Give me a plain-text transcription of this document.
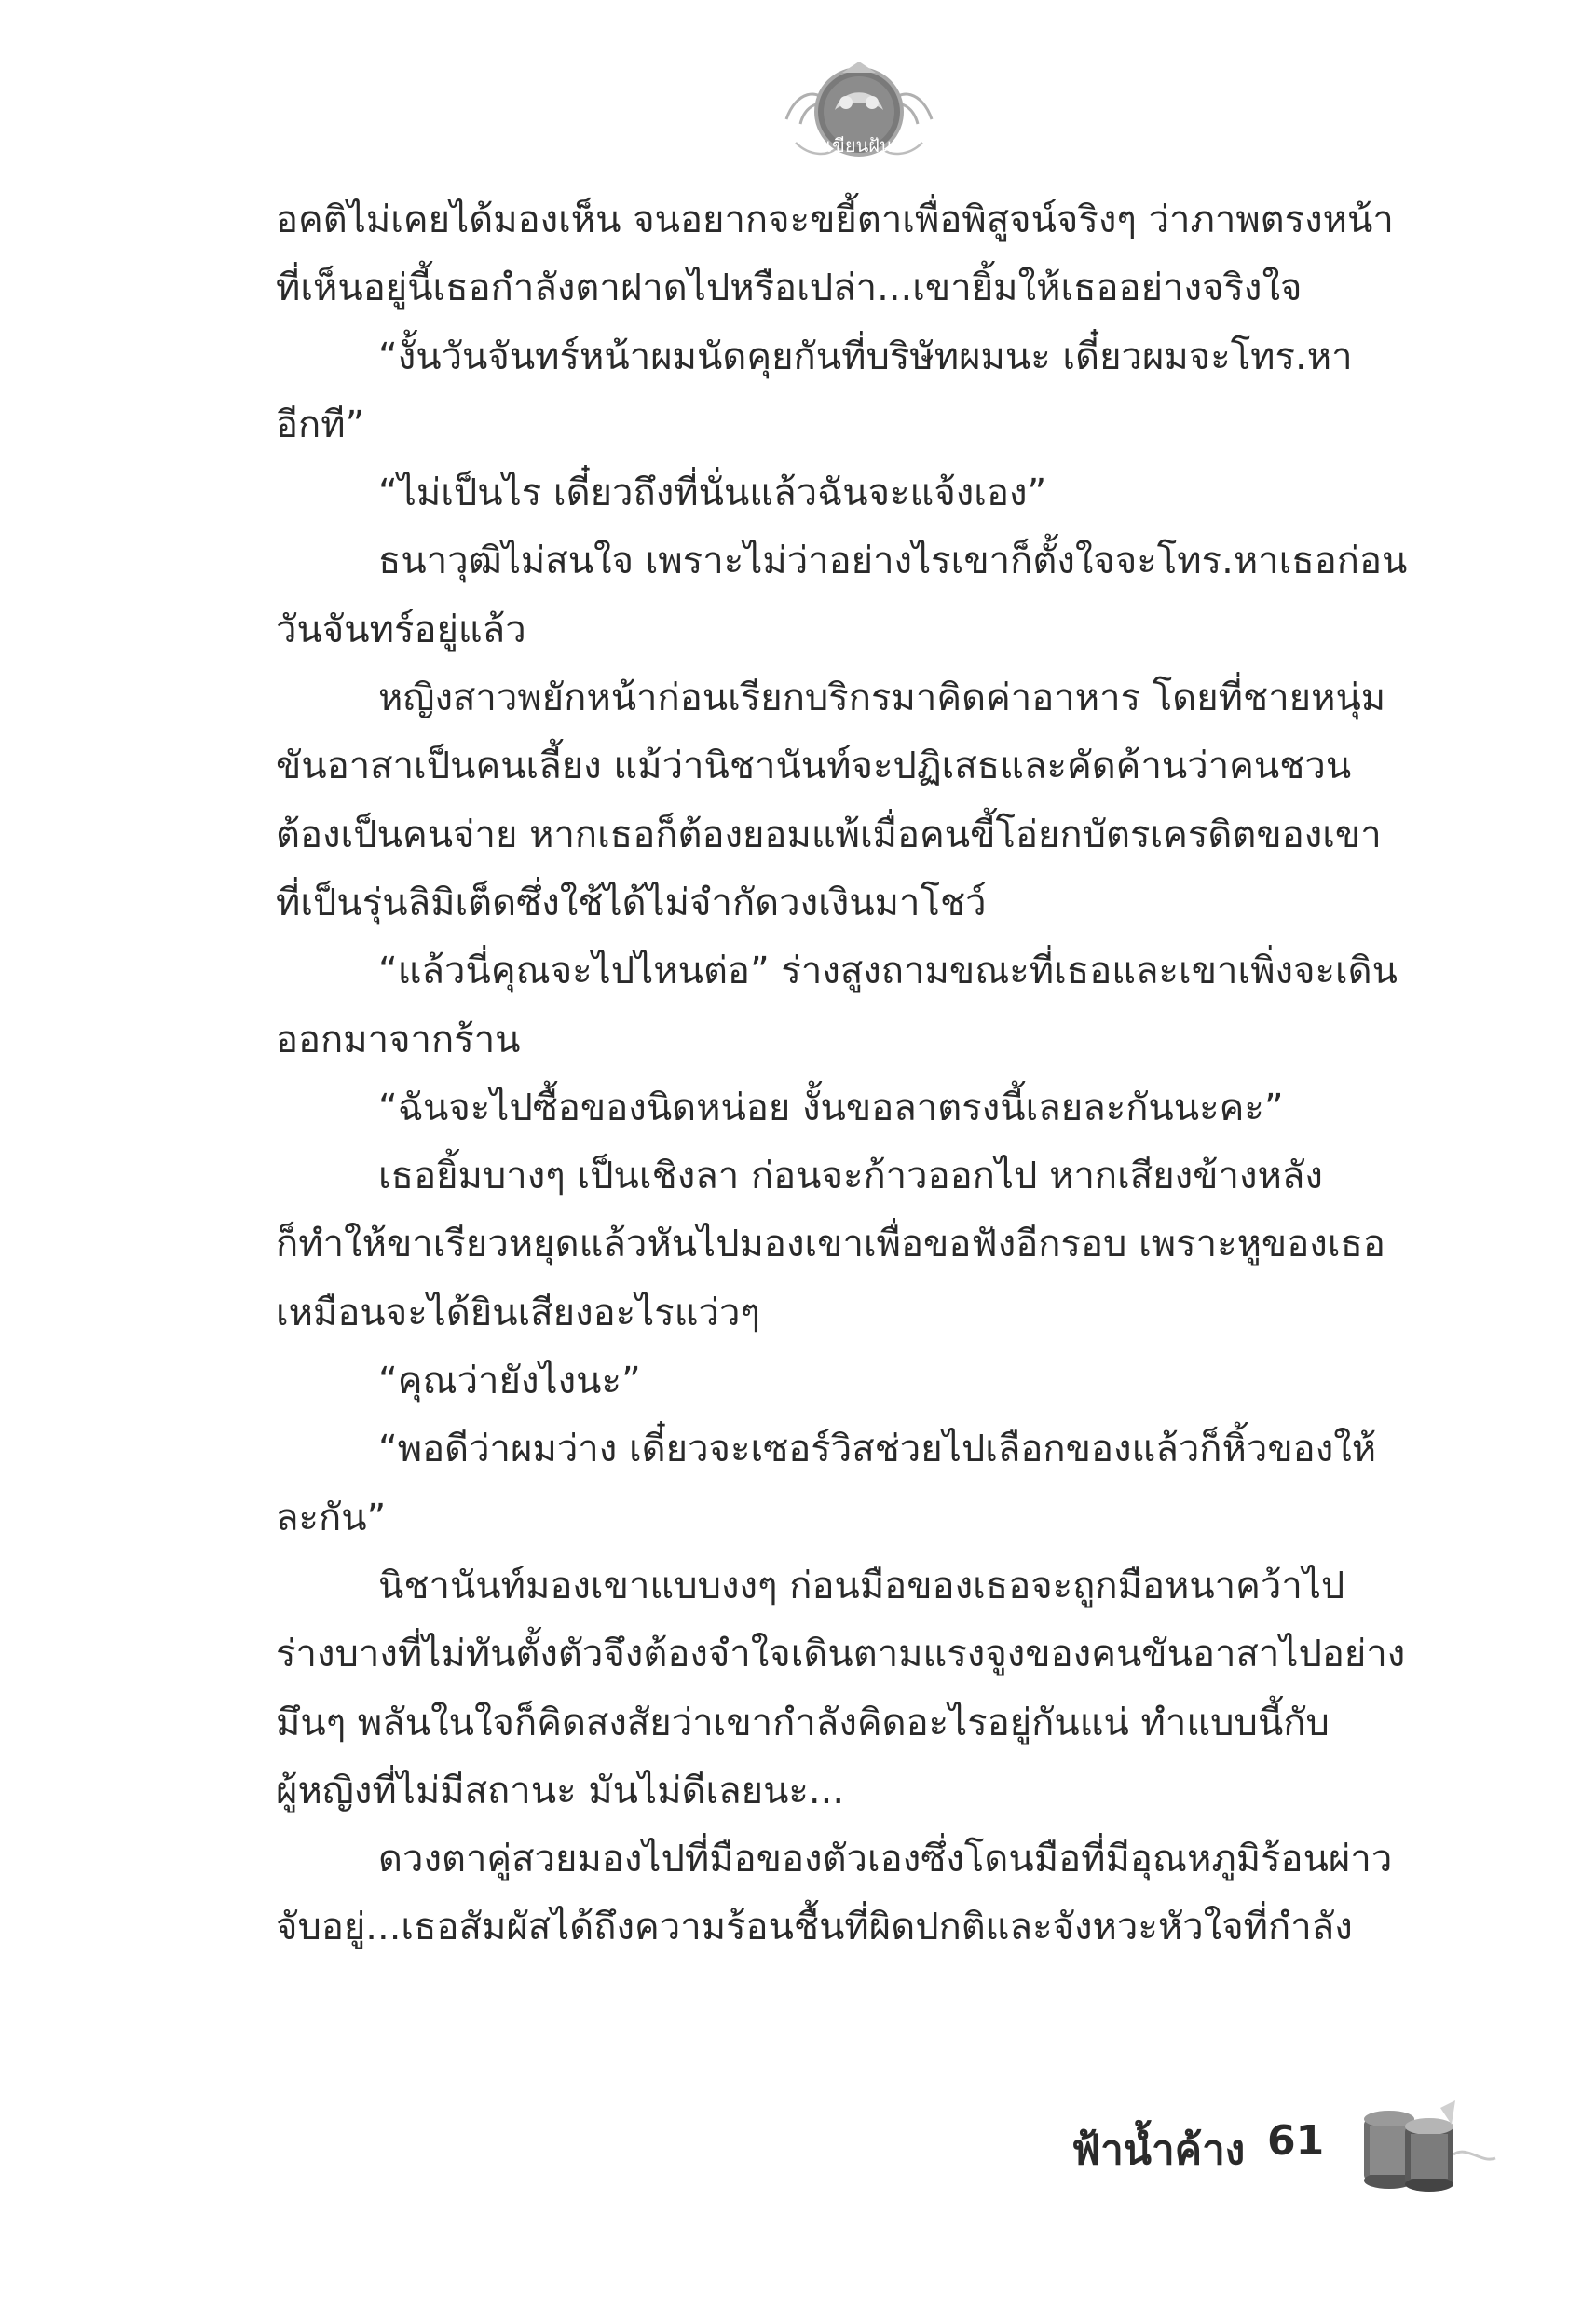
เขียนฝัน
อคติไม่เคยได้มองเห็น จนอยากจะขยี้ตาเพื่อพิสูจน์จริงๆ ว่าภาพตรงหน้า
ที่เห็นอยู่นี้เธอกำลังตาฝาดไปหรือเปล่า...เขายิ้มให้เธออย่างจริงใจ
“งั้นวันจันทร์หน้าผมนัดคุยกันที่บริษัทผมนะ เดี๋ยวผมจะโทร.หา
อีกที”
“ไม่เป็นไร เดี๋ยวถึงที่นั่นแล้วฉันจะแจ้งเอง”
ธนาวุฒิไม่สนใจ เพราะไม่ว่าอย่างไรเขาก็ตั้งใจจะโทร.หาเธอก่อน
วันจันทร์อยู่แล้ว
หญิงสาวพยักหน้าก่อนเรียกบริกรมาคิดค่าอาหาร โดยที่ชายหนุ่ม
ขันอาสาเป็นคนเลี้ยง แม้ว่านิชานันท์จะปฏิเสธและคัดค้านว่าคนชวน
ต้องเป็นคนจ่าย หากเธอก็ต้องยอมแพ้เมื่อคนขี้โอ่ยกบัตรเครดิตของเขา
ที่เป็นรุ่นลิมิเต็ดซึ่งใช้ได้ไม่จำกัดวงเงินมาโชว์
“แล้วนี่คุณจะไปไหนต่อ” ร่างสูงถามขณะที่เธอและเขาเพิ่งจะเดิน
ออกมาจากร้าน
“ฉันจะไปซื้อของนิดหน่อย งั้นขอลาตรงนี้เลยละกันนะคะ”
เธอยิ้มบางๆ เป็นเชิงลา ก่อนจะก้าวออกไป หากเสียงข้างหลัง
ก็ทำให้ขาเรียวหยุดแล้วหันไปมองเขาเพื่อขอฟังอีกรอบ เพราะหูของเธอ
เหมือนจะได้ยินเสียงอะไรแว่วๆ
“คุณว่ายังไงนะ”
“พอดีว่าผมว่าง เดี๋ยวจะเซอร์วิสช่วยไปเลือกของแล้วก็หิ้วของให้
ละกัน”
นิชานันท์มองเขาแบบงงๆ ก่อนมือของเธอจะถูกมือหนาคว้าไป
ร่างบางที่ไม่ทันตั้งตัวจึงต้องจำใจเดินตามแรงจูงของคนขันอาสาไปอย่าง
มึนๆ พลันในใจก็คิดสงสัยว่าเขากำลังคิดอะไรอยู่กันแน่ ทำแบบนี้กับ
ผู้หญิงที่ไม่มีสถานะ มันไม่ดีเลยนะ...
ดวงตาคู่สวยมองไปที่มือของตัวเองซึ่งโดนมือที่มีอุณหภูมิร้อนผ่าว
จับอยู่...เธอสัมผัสได้ถึงความร้อนชื้นที่ผิดปกติและจังหวะหัวใจที่กำลัง
ฟ้าน้ำค้าง 61
